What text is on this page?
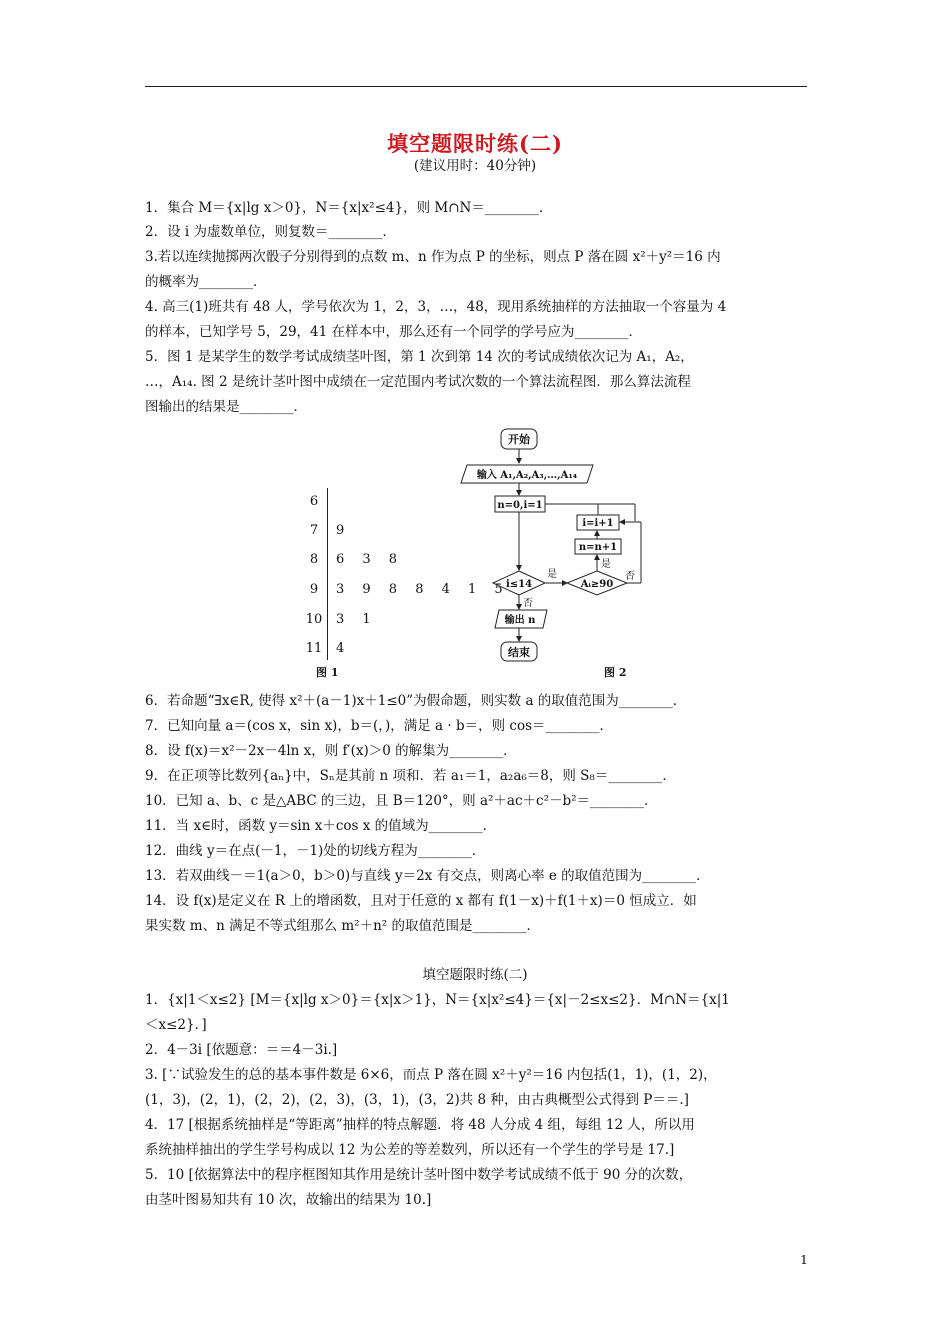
填空题限时练(二)
(建议用时：40分钟)
1．集合 M＝{x|lg x＞0}，N＝{x|x²≤4}，则 M∩N＝________．
2．设 i 为虚数单位，则复数＝________．
3.若以连续抛掷两次骰子分别得到的点数 m、n 作为点 P 的坐标，则点 P 落在圆 x²＋y²＝16 内
的概率为________．
4. 高三(1)班共有 48 人，学号依次为 1，2，3，…，48，现用系统抽样的方法抽取一个容量为 4
的样本，已知学号 5，29，41 在样本中，那么还有一个同学的学号应为________．
5．图 1 是某学生的数学考试成绩茎叶图，第 1 次到第 14 次的考试成绩依次记为 A₁，A₂，
…，A₁₄. 图 2 是统计茎叶图中成绩在一定范围内考试次数的一个算法流程图．那么算法流程
图输出的结果是________．
6
7	9
8	6 3 8
9	3 9 8 8 4 1 5
10	3 1
11	4
图 1
开始
输入 A₁,A₂,A₃,…,A₁₄
n=0,i=1
i=i+1
n=n+1
i≤14	Aᵢ≥90
是
是
否
否
输出 n
结束
图 2
6．若命题“∃x∈R, 使得 x²＋(a－1)x＋1≤0”为假命题，则实数 a 的取值范围为________．
7．已知向量 a＝(cos x，sin x)，b＝(，)，满足 a · b＝，则 cos＝________．
8．设 f(x)＝x²－2x－4ln x，则 f′(x)＞0 的解集为________．
9．在正项等比数列{aₙ}中，Sₙ是其前 n 项和．若 a₁＝1，a₂a₆＝8，则 S₈＝________．
10．已知 a、b、c 是△ABC 的三边，且 B＝120°，则 a²＋ac＋c²－b²＝________．
11．当 x∈时，函数 y＝sin x＋cos x 的值域为________．
12．曲线 y＝在点(－1，－1)处的切线方程为________．
13．若双曲线－＝1(a＞0，b＞0)与直线 y＝2x 有交点，则离心率 e 的取值范围为________．
14．设 f(x)是定义在 R 上的增函数，且对于任意的 x 都有 f(1－x)＋f(1＋x)＝0 恒成立．如
果实数 m、n 满足不等式组那么 m²＋n² 的取值范围是________．
填空题限时练(二)
1．{x|1＜x≤2} [M＝{x|lg x＞0}＝{x|x＞1}，N＝{x|x²≤4}＝{x|－2≤x≤2}．M∩N＝{x|1
＜x≤2}．]
2．4－3i [依题意：＝＝4－3i.]
3. [∵试验发生的总的基本事件数是 6×6，而点 P 落在圆 x²＋y²＝16 内包括(1，1)，(1，2)，
(1，3)，(2，1)，(2，2)，(2，3)，(3，1)，(3，2)共 8 种，由古典概型公式得到 P＝＝.]
4．17 [根据系统抽样是“等距离”抽样的特点解题．将 48 人分成 4 组，每组 12 人，所以用
系统抽样抽出的学生学号构成以 12 为公差的等差数列，所以还有一个学生的学号是 17.]
5．10 [依据算法中的程序框图知其作用是统计茎叶图中数学考试成绩不低于 90 分的次数，
由茎叶图易知共有 10 次，故输出的结果为 10.]
1
